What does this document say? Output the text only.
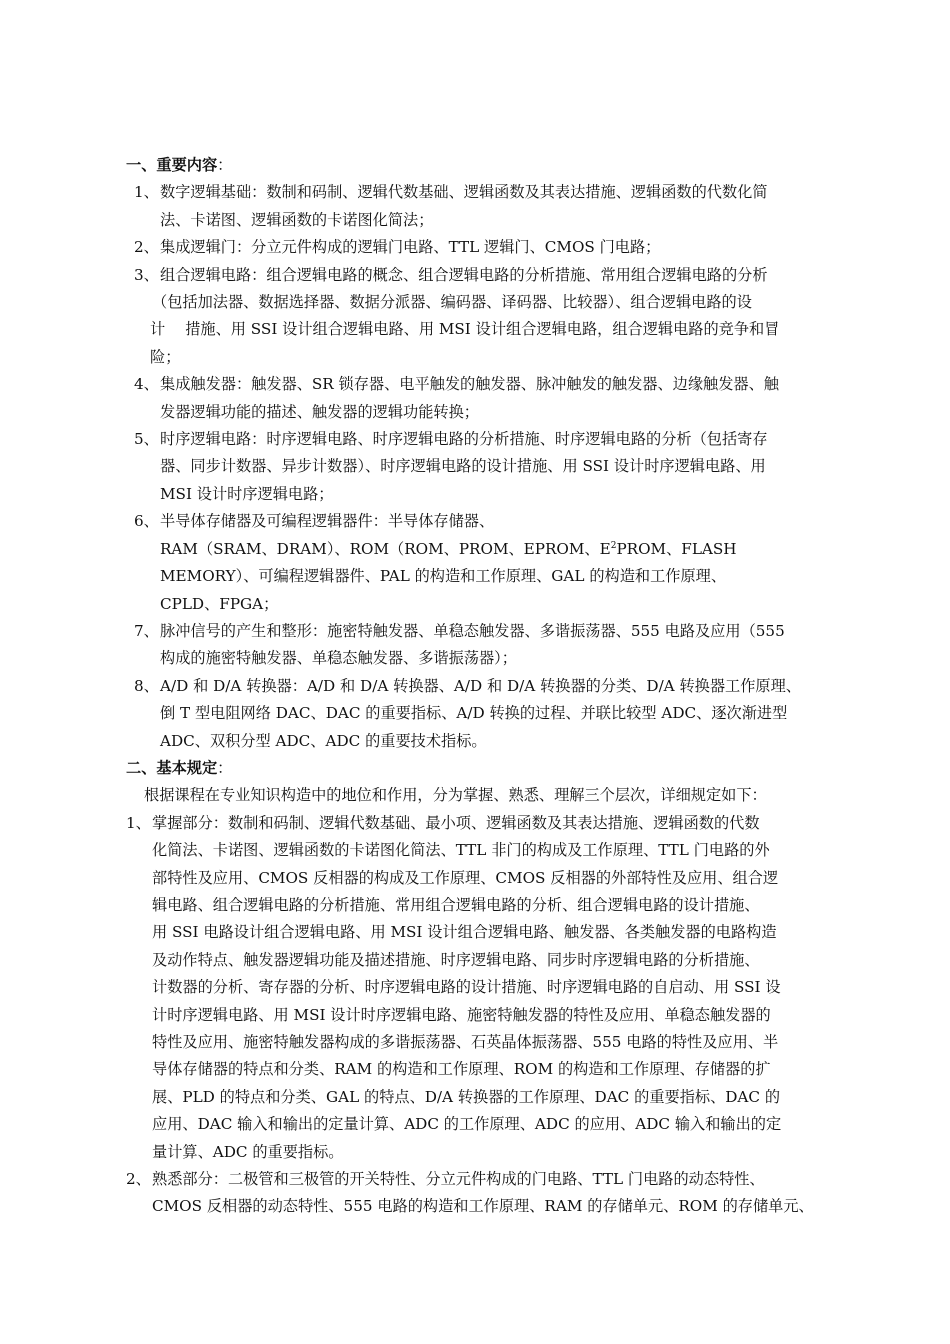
一、重要内容：
1、 数字逻辑基础：数制和码制、逻辑代数基础、逻辑函数及其表达措施、逻辑函数的代数化简
法、卡诺图、逻辑函数的卡诺图化简法；
2、 集成逻辑门：分立元件构成的逻辑门电路、TTL 逻辑门、CMOS 门电路；
3、 组合逻辑电路：组合逻辑电路的概念、组合逻辑电路的分析措施、常用组合逻辑电路的分析
（包括加法器、数据选择器、数据分派器、编码器、译码器、比较器）、组合逻辑电路的设
计　 措施、用 SSI 设计组合逻辑电路、用 MSI 设计组合逻辑电路，组合逻辑电路的竞争和冒
险；
4、 集成触发器：触发器、SR 锁存器、电平触发的触发器、脉冲触发的触发器、边缘触发器、触
发器逻辑功能的描述、触发器的逻辑功能转换；
5、 时序逻辑电路：时序逻辑电路、时序逻辑电路的分析措施、时序逻辑电路的分析（包括寄存
器、同步计数器、异步计数器）、时序逻辑电路的设计措施、用 SSI 设计时序逻辑电路、用
MSI 设计时序逻辑电路；
6、 半导体存储器及可编程逻辑器件：半导体存储器、
RAM（SRAM、DRAM）、ROM（ROM、PROM、EPROM、$E^2PROM$、FLASH
MEMORY）、可编程逻辑器件、PAL 的构造和工作原理、GAL 的构造和工作原理、
CPLD、FPGA；
7、 脉冲信号的产生和整形：施密特触发器、单稳态触发器、多谐振荡器、555 电路及应用（555
构成的施密特触发器、单稳态触发器、多谐振荡器）；
8、 A/D 和 D/A 转换器：A/D 和 D/A 转换器、A/D 和 D/A 转换器的分类、D/A 转换器工作原理、
倒 T 型电阻网络 DAC、DAC 的重要指标、A/D 转换的过程、并联比较型 ADC、逐次渐进型
ADC、双积分型 ADC、ADC 的重要技术指标。
二、基本规定：
根据课程在专业知识构造中的地位和作用，分为掌握、熟悉、理解三个层次，详细规定如下：
1、 掌握部分：数制和码制、逻辑代数基础、最小项、逻辑函数及其表达措施、逻辑函数的代数
化简法、卡诺图、逻辑函数的卡诺图化简法、TTL 非门的构成及工作原理、TTL 门电路的外
部特性及应用、CMOS 反相器的构成及工作原理、CMOS 反相器的外部特性及应用、组合逻
辑电路、组合逻辑电路的分析措施、常用组合逻辑电路的分析、组合逻辑电路的设计措施、
用 SSI 电路设计组合逻辑电路、用 MSI 设计组合逻辑电路、触发器、各类触发器的电路构造
及动作特点、触发器逻辑功能及描述措施、时序逻辑电路、同步时序逻辑电路的分析措施、
计数器的分析、寄存器的分析、时序逻辑电路的设计措施、时序逻辑电路的自启动、用 SSI 设
计时序逻辑电路、用 MSI 设计时序逻辑电路、施密特触发器的特性及应用、单稳态触发器的
特性及应用、施密特触发器构成的多谐振荡器、石英晶体振荡器、555 电路的特性及应用、半
导体存储器的特点和分类、RAM 的构造和工作原理、ROM 的构造和工作原理、存储器的扩
展、PLD 的特点和分类、GAL 的特点、D/A 转换器的工作原理、DAC 的重要指标、DAC 的
应用、DAC 输入和输出的定量计算、ADC 的工作原理、ADC 的应用、ADC 输入和输出的定
量计算、ADC 的重要指标。
2、 熟悉部分：二极管和三极管的开关特性、分立元件构成的门电路、TTL 门电路的动态特性、
CMOS 反相器的动态特性、555 电路的构造和工作原理、RAM 的存储单元、ROM 的存储单元、
